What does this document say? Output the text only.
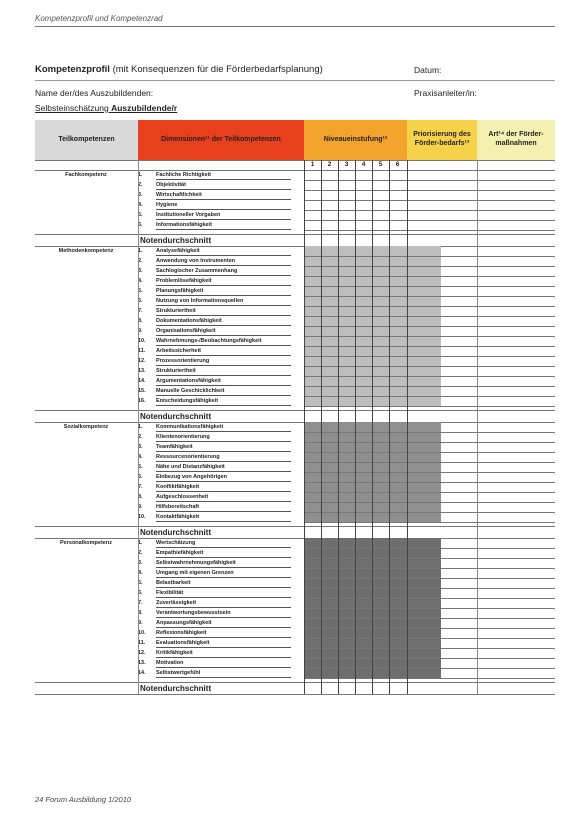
Kompetenzprofil und Kompetenzrad
Kompetenzprofil (mit Konsequenzen für die Förderbedarfsplanung)	Datum:
Name der/des Auszubildenden:	Praxisanleiter/in:
Selbsteinschätzung Auszubildende/r
Teilkompetenzen	Dimensionen¹¹ der Teilkompetenzen	Niveaueinstufung¹²
Priorisierung des Förder-bedarfs¹³
Art¹⁴ der Förder-maßnahmen
1	2	3	4	5	6
Fachkompetenz	1.	Fachliche Richtigkeit
2.	Objektivität
3.	Wirtschaftlichkeit
4.	Hygiene
5.	Institutioneller Vorgaben
6.	Informationsfähigkeit
Notendurchschnitt
Methodenkompetenz	1.	Analysefähigkeit
2.	Anwendung von Instrumenten
3.	Sachlogischer Zusammenhang
4.	Problemlösefähigkeit
5.	Planungsfähigkeit
6.	Nutzung von Informationsquellen
7.	Strukturiertheit
8.	Dokumentationsfähigkeit
9.	Organisationsfähigkeit
10.	Wahrnehmungs-/Beobachtungsfähigkeit
11.	Arbeitssicherheit
12.	Prozessorientierung
13.	Strukturiertheit
14.	Argumentationsfähigkeit
15.	Manuelle Geschicklichkeit
16.	Entscheidungsfähigkeit
Notendurchschnitt
Sozialkompetenz	1.	Kommunikationsfähigkeit
2.	Klientenorientierung
3.	Teamfähigkeit
4.	Ressourcenorientierung
5.	Nähe und Distanzfähigkeit
6.	Einbezug von Angehörigen
7.	Konfliktfähigkeit
8.	Aufgeschlossenheit
9.	Hilfsbereitschaft
10.	Kontaktfähigkeit
Notendurchschnitt
Personalkompetenz	1.	Wertschätzung
2.	Empathiefähigkeit
3.	Selbstwahrnehmungsfähigkeit
4.	Umgang mit eigenen Grenzen
5.	Belastbarkeit
6.	Flexibilität
7.	Zuverlässigkeit
8.	Verantwortungsbewusstsein
9.	Anpassungsfähigkeit
10.	Reflexionsfähigkeit
11.	Evaluationsfähigkeit
12.	Kritikfähigkeit
13.	Motivation
14.	Selbstwertgefühl
Notendurchschnitt
24 Forum Ausbildung 1/2010
